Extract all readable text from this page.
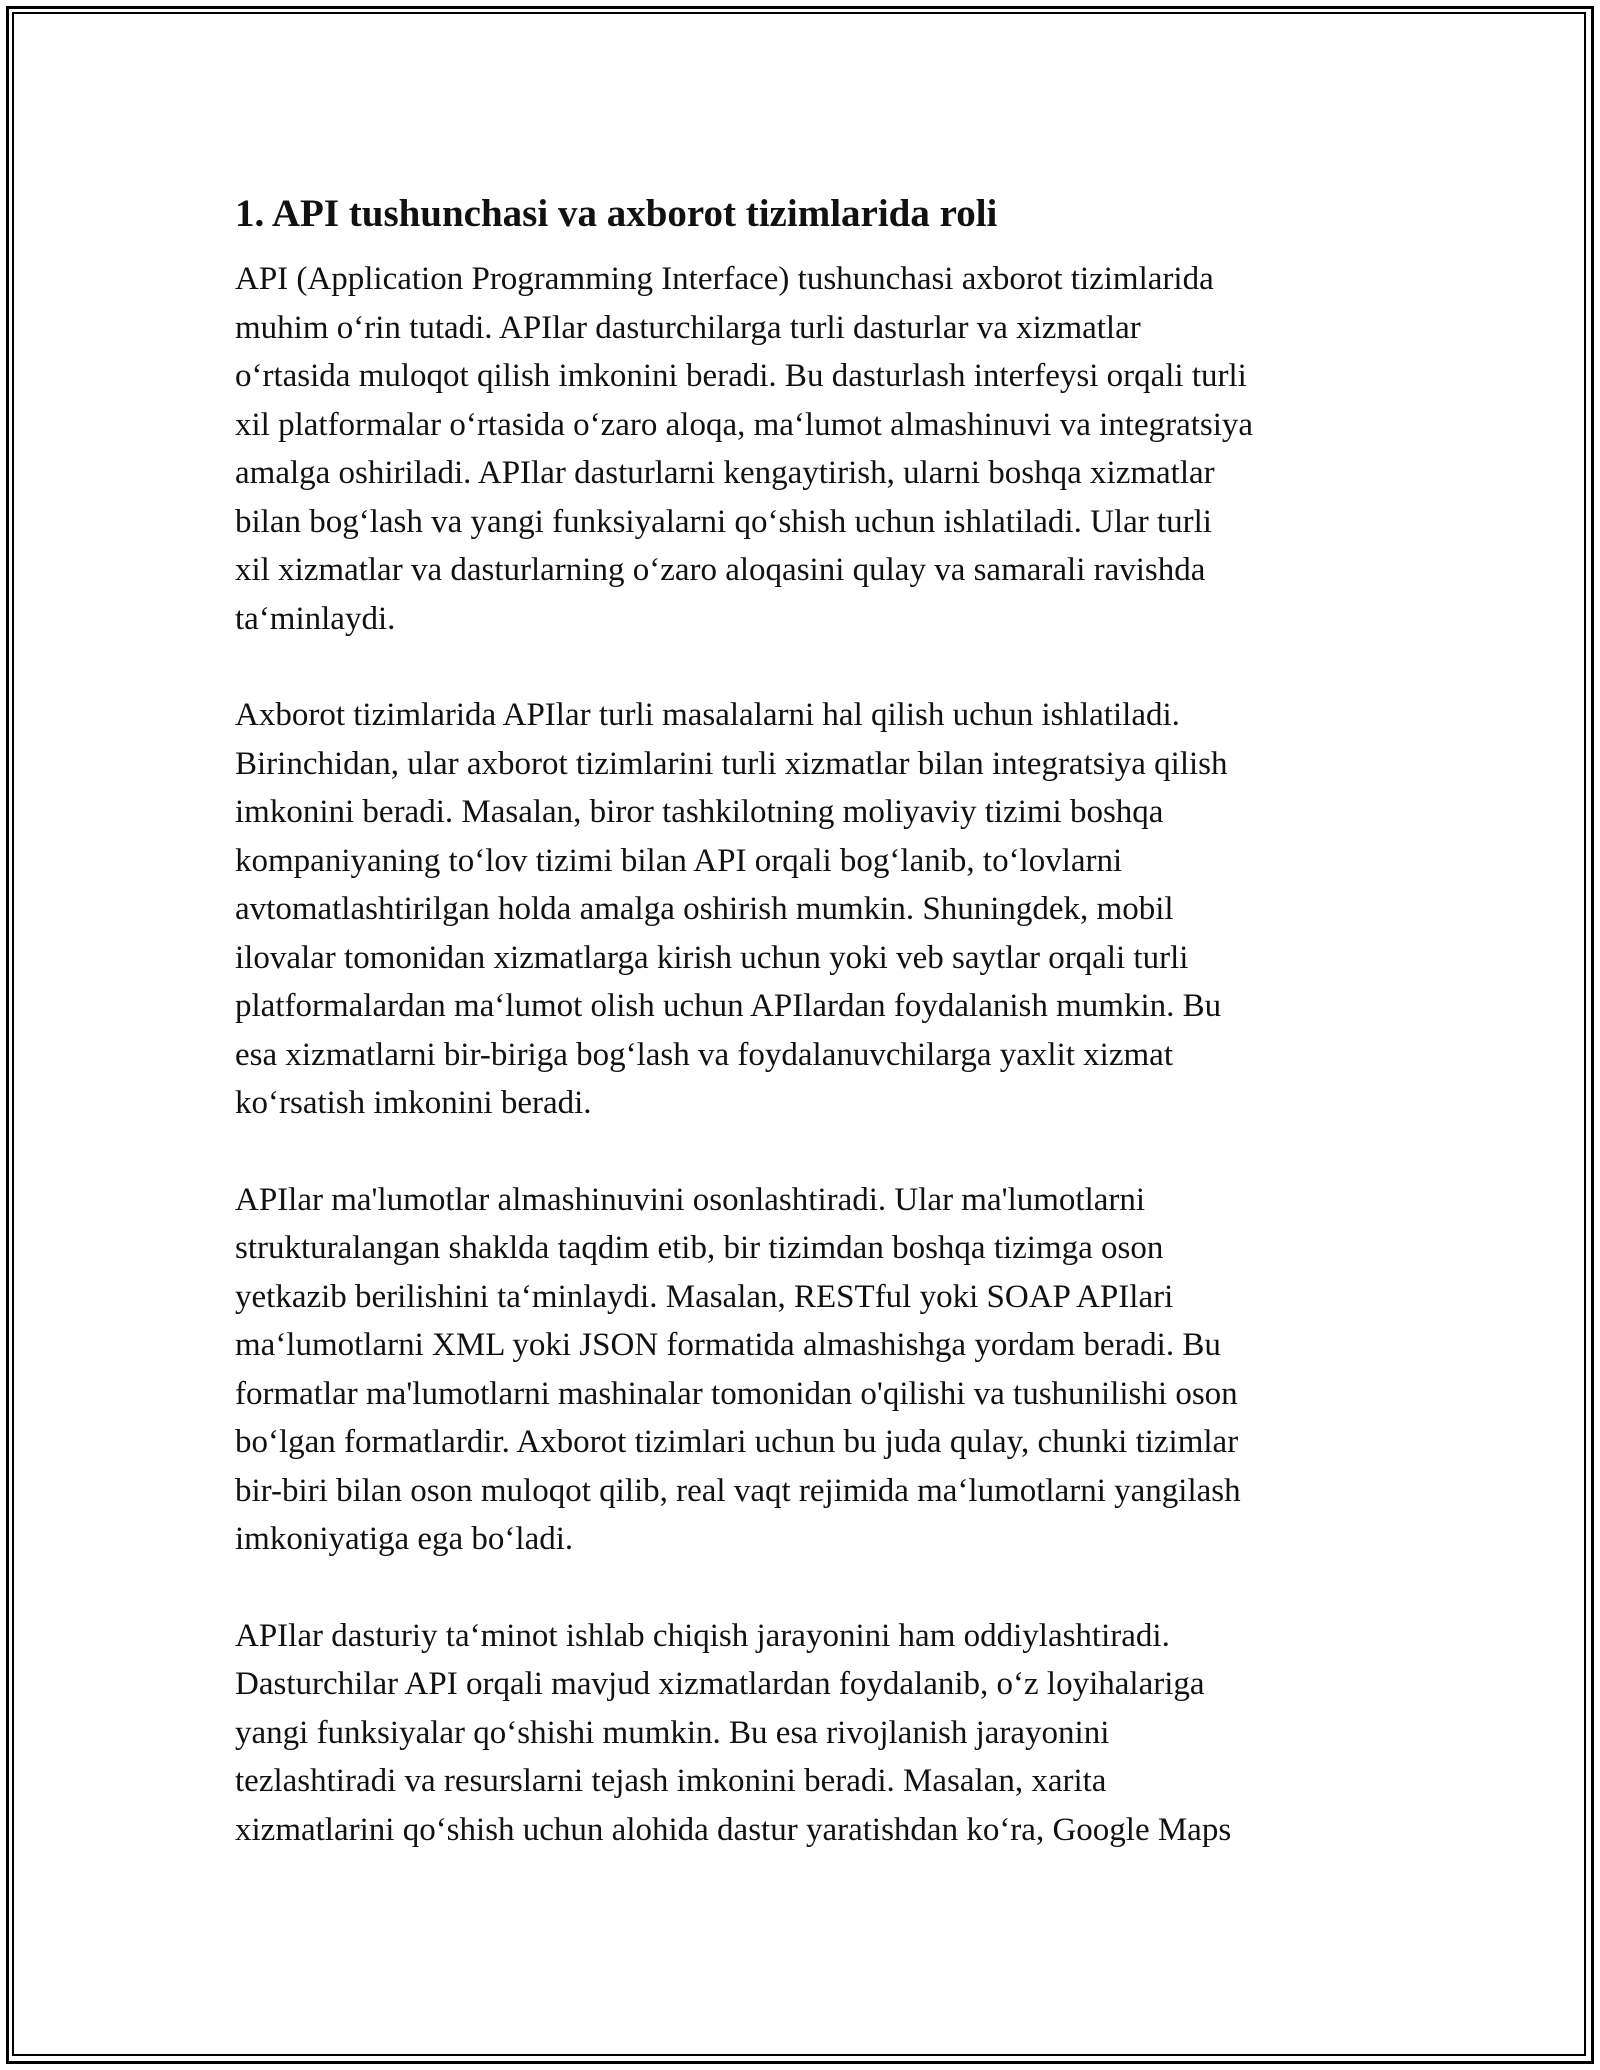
1. API tushunchasi va axborot tizimlarida roli

API (Application Programming Interface) tushunchasi axborot tizimlarida
muhim o‘rin tutadi. APIlar dasturchilarga turli dasturlar va xizmatlar
o‘rtasida muloqot qilish imkonini beradi. Bu dasturlash interfeysi orqali turli
xil platformalar o‘rtasida o‘zaro aloqa, ma‘lumot almashinuvi va integratsiya
amalga oshiriladi. APIlar dasturlarni kengaytirish, ularni boshqa xizmatlar
bilan bog‘lash va yangi funksiyalarni qo‘shish uchun ishlatiladi. Ular turli
xil xizmatlar va dasturlarning o‘zaro aloqasini qulay va samarali ravishda
ta‘minlaydi.

Axborot tizimlarida APIlar turli masalalarni hal qilish uchun ishlatiladi.
Birinchidan, ular axborot tizimlarini turli xizmatlar bilan integratsiya qilish
imkonini beradi. Masalan, biror tashkilotning moliyaviy tizimi boshqa
kompaniyaning to‘lov tizimi bilan API orqali bog‘lanib, to‘lovlarni
avtomatlashtirilgan holda amalga oshirish mumkin. Shuningdek, mobil
ilovalar tomonidan xizmatlarga kirish uchun yoki veb saytlar orqali turli
platformalardan ma‘lumot olish uchun APIlardan foydalanish mumkin. Bu
esa xizmatlarni bir-biriga bog‘lash va foydalanuvchilarga yaxlit xizmat
ko‘rsatish imkonini beradi.

APIlar ma'lumotlar almashinuvini osonlashtiradi. Ular ma'lumotlarni
strukturalangan shakldа taqdim etib, bir tizimdan boshqa tizimga oson
yetkazib berilishini ta‘minlaydi. Masalan, RESTful yoki SOAP APIlari
ma‘lumotlarni XML yoki JSON formatida almashishga yordam beradi. Bu
formatlar ma'lumotlarni mashinalar tomonidan o'qilishi va tushunilishi oson
bo‘lgan formatlardir. Axborot tizimlari uchun bu juda qulay, chunki tizimlar
bir-biri bilan oson muloqot qilib, real vaqt rejimida ma‘lumotlarni yangilash
imkoniyatiga ega bo‘ladi.

APIlar dasturiy ta‘minot ishlab chiqish jarayonini ham oddiylashtiradi.
Dasturchilar API orqali mavjud xizmatlardan foydalanib, o‘z loyihalariga
yangi funksiyalar qo‘shishi mumkin. Bu esa rivojlanish jarayonini
tezlashtiradi va resurslarni tejash imkonini beradi. Masalan, xarita
xizmatlarini qo‘shish uchun alohida dastur yaratishdan ko‘ra, Google Maps
